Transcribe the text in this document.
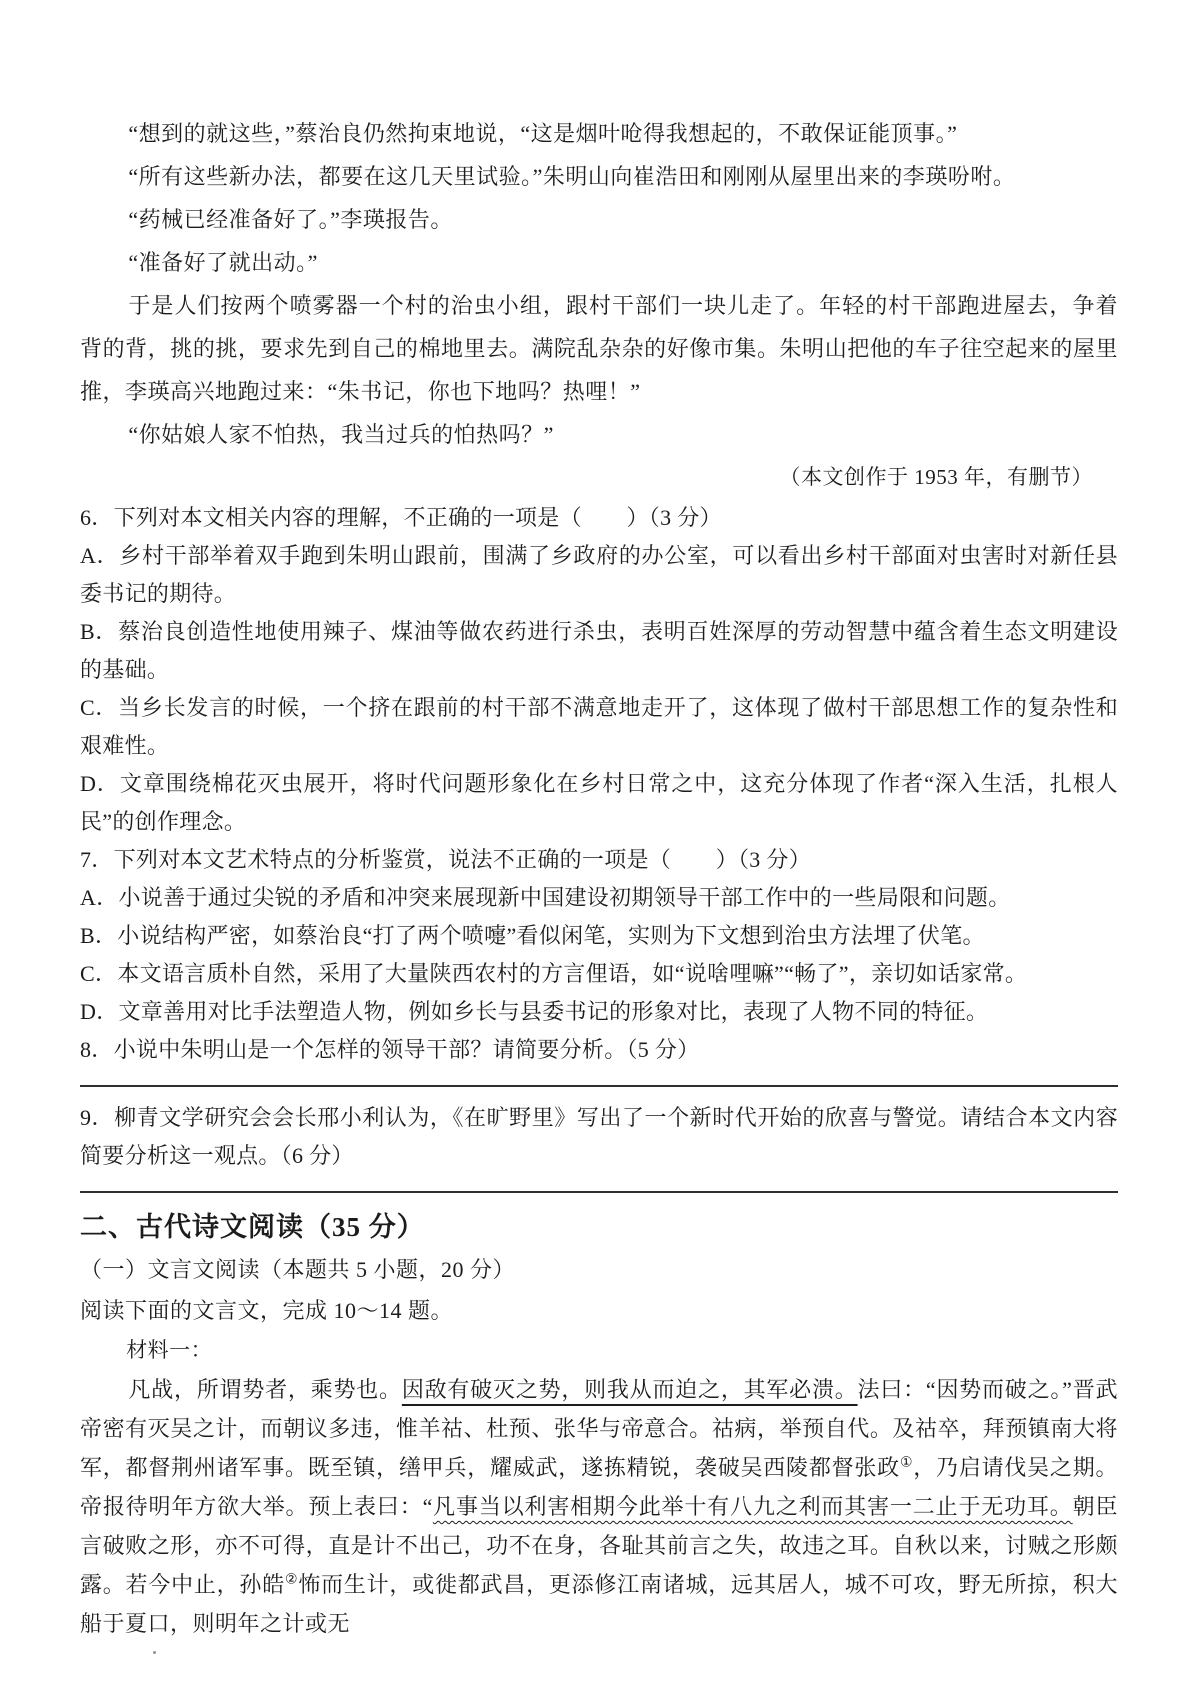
“想到的就这些，”蔡治良仍然拘束地说，“这是烟叶呛得我想起的，不敢保证能顶事。”

“所有这些新办法，都要在这几天里试验。”朱明山向崔浩田和刚刚从屋里出来的李瑛吩咐。

“药械已经准备好了。”李瑛报告。

“准备好了就出动。”

于是人们按两个喷雾器一个村的治虫小组，跟村干部们一块儿走了。年轻的村干部跑进屋去，争着背的背，挑的挑，要求先到自己的棉地里去。满院乱杂杂的好像市集。朱明山把他的车子往空起来的屋里推，李瑛高兴地跑过来：“朱书记，你也下地吗？热哩！”

“你姑娘人家不怕热，我当过兵的怕热吗？”

（本文创作于 1953 年，有删节）

6．下列对本文相关内容的理解，不正确的一项是（　　）（3 分）

A．乡村干部举着双手跑到朱明山跟前，围满了乡政府的办公室，可以看出乡村干部面对虫害时对新任县委书记的期待。

B．蔡治良创造性地使用辣子、煤油等做农药进行杀虫，表明百姓深厚的劳动智慧中蕴含着生态文明建设的基础。

C．当乡长发言的时候，一个挤在跟前的村干部不满意地走开了，这体现了做村干部思想工作的复杂性和艰难性。

D．文章围绕棉花灭虫展开，将时代问题形象化在乡村日常之中，这充分体现了作者“深入生活，扎根人民”的创作理念。

7．下列对本文艺术特点的分析鉴赏，说法不正确的一项是（　　）（3 分）

A．小说善于通过尖锐的矛盾和冲突来展现新中国建设初期领导干部工作中的一些局限和问题。

B．小说结构严密，如蔡治良“打了两个喷嚏”看似闲笔，实则为下文想到治虫方法埋了伏笔。

C．本文语言质朴自然，采用了大量陕西农村的方言俚语，如“说啥哩嘛”“畅了”，亲切如话家常。

D．文章善用对比手法塑造人物，例如乡长与县委书记的形象对比，表现了人物不同的特征。

8．小说中朱明山是一个怎样的领导干部？请简要分析。（5 分）

9．柳青文学研究会会长邢小利认为，《在旷野里》写出了一个新时代开始的欣喜与警觉。请结合本文内容简要分析这一观点。（6 分）

二、古代诗文阅读（35 分）

（一）文言文阅读（本题共 5 小题，20 分）

阅读下面的文言文，完成 10～14 题。

材料一：

凡战，所谓势者，乘势也。因敌有破灭之势，则我从而迫之，其军必溃。法曰：“因势而破之。”晋武帝密有灭吴之计，而朝议多违，惟羊祜、杜预、张华与帝意合。祜病，举预自代。及祜卒，拜预镇南大将军，都督荆州诸军事。既至镇，缮甲兵，耀威武，遂拣精锐，袭破吴西陵都督张政①，乃启请伐吴之期。帝报待明年方欲大举。预上表曰：“凡事当以利害相期今此举十有八九之利而其害一二止于无功耳。朝臣言破败之形，亦不可得，直是计不出己，功不在身，各耻其前言之失，故违之耳。自秋以来，讨贼之形颇露。若今中止，孙皓②怖而生计，或徙都武昌，更添修江南诸城，远其居人，城不可攻，野无所掠，积大船于夏口，则明年之计或无
